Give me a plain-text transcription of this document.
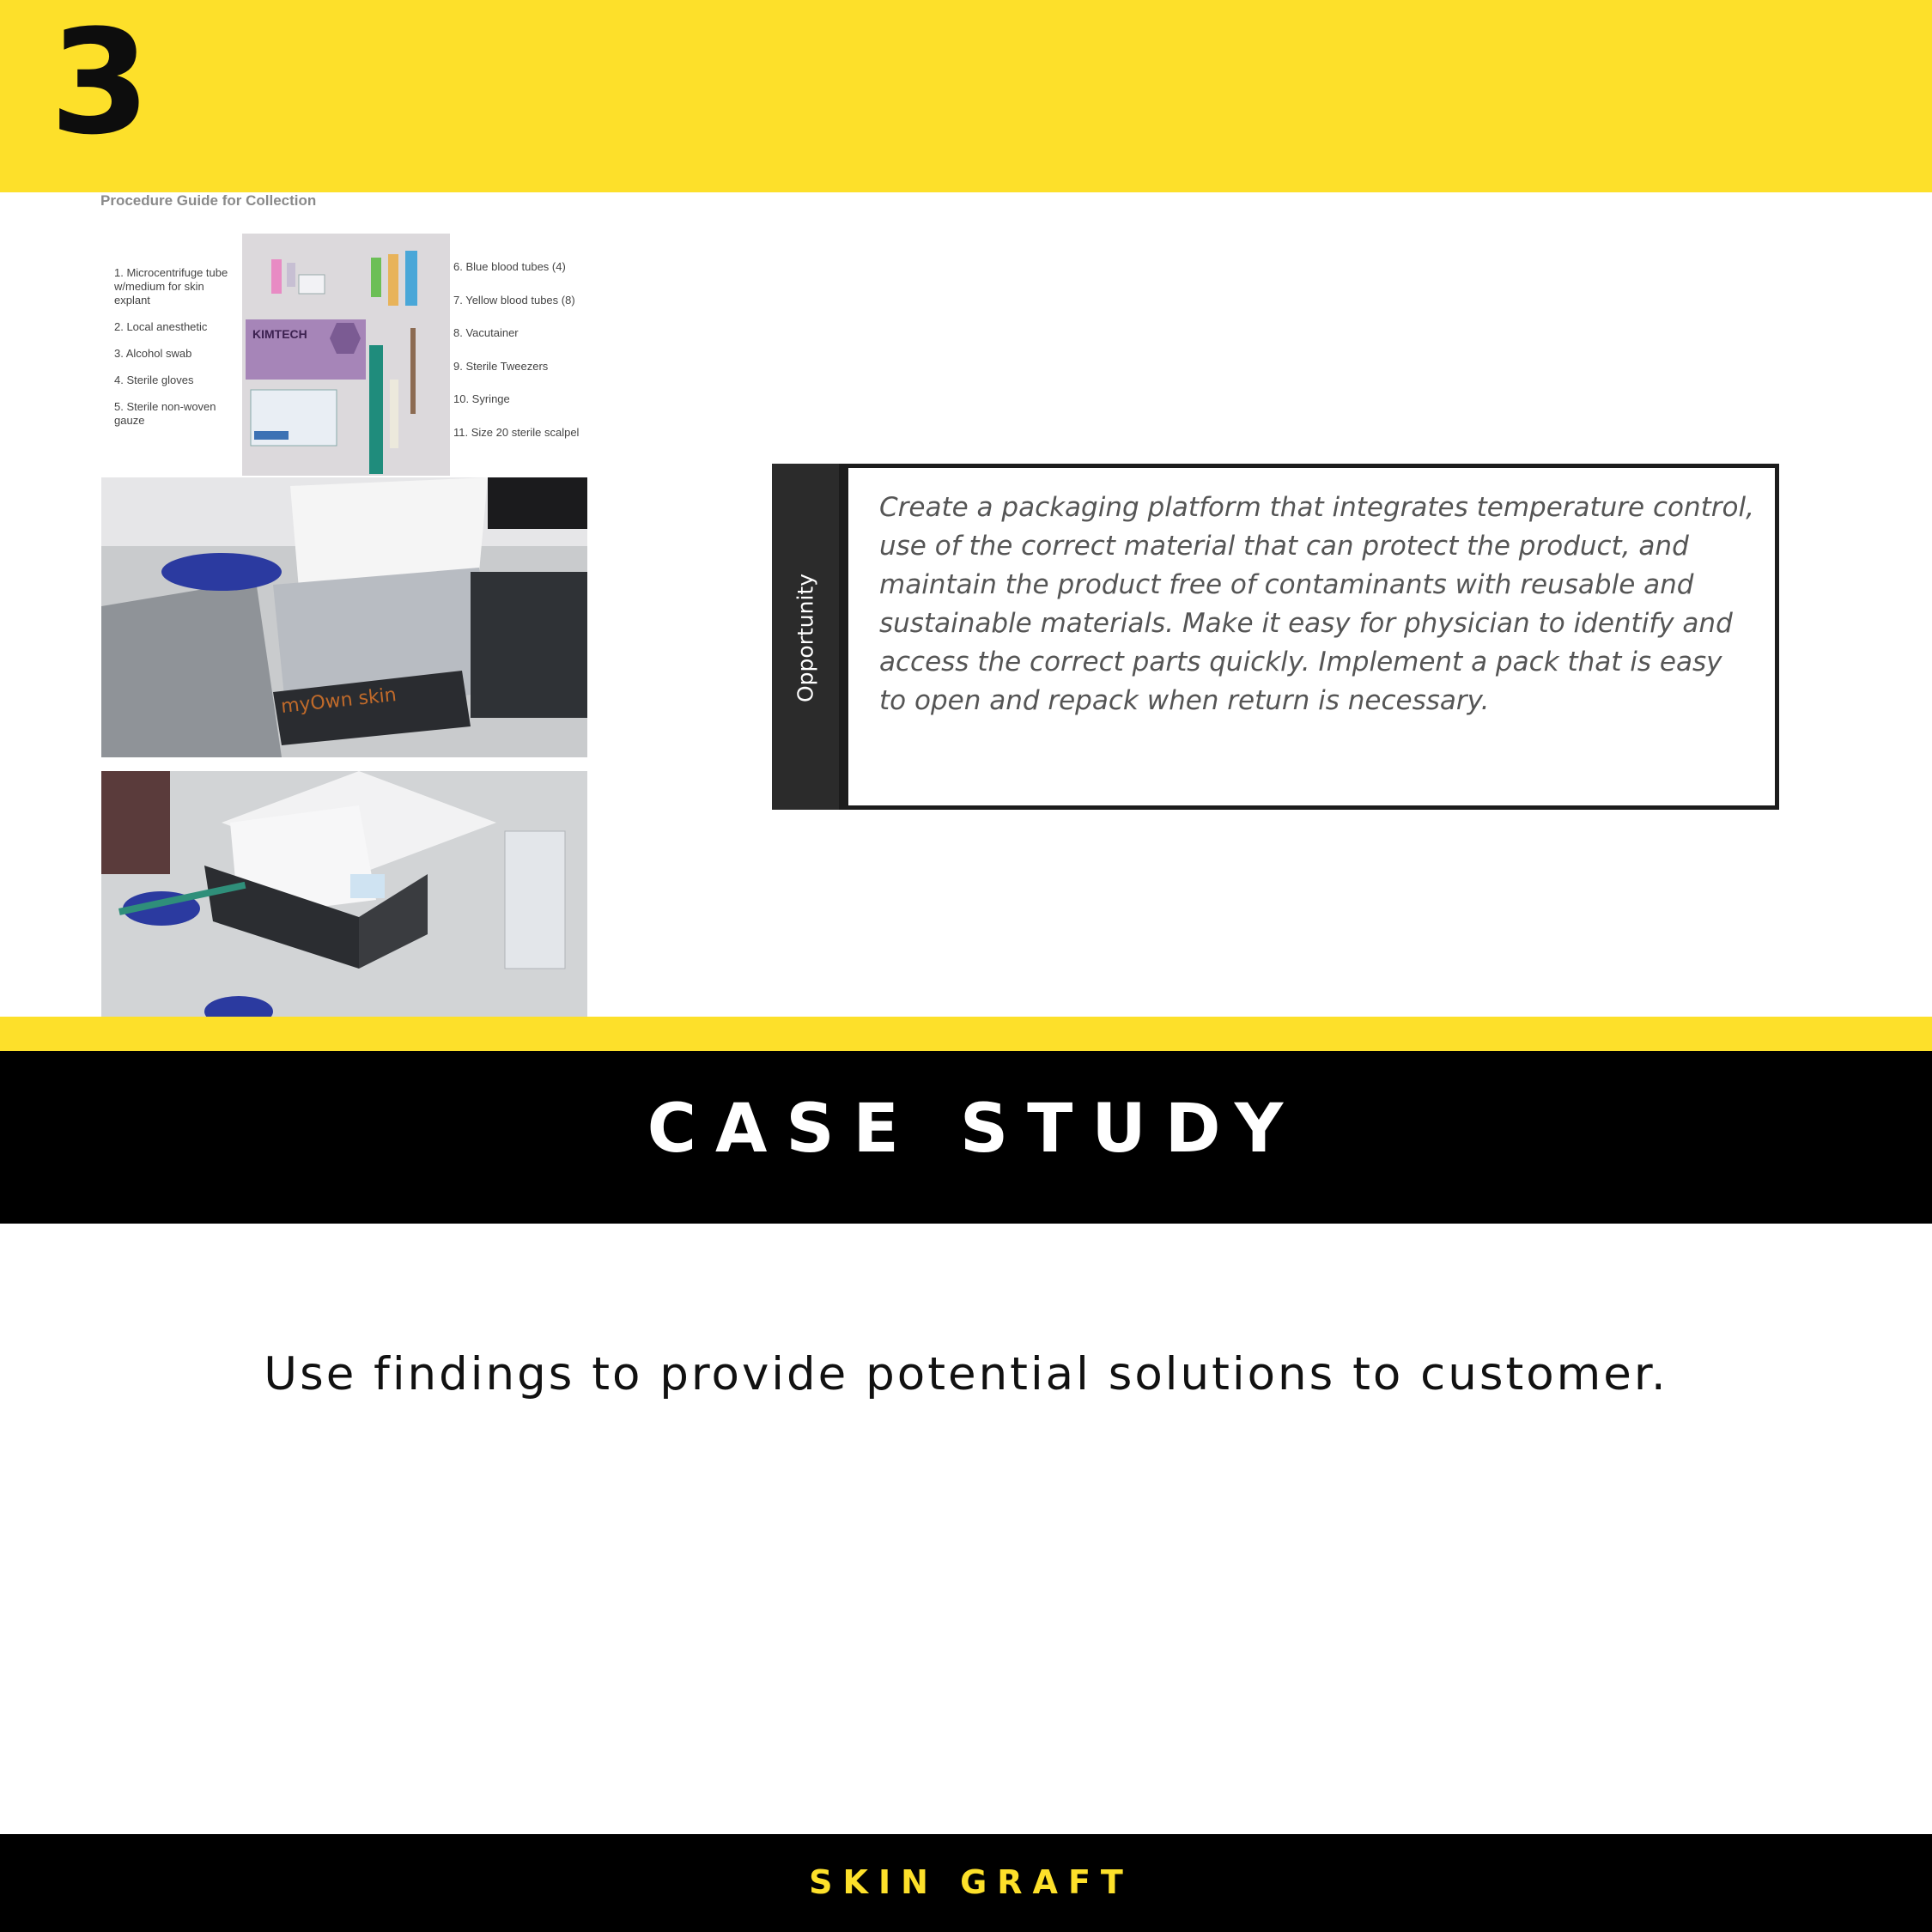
3
Procedure Guide for Collection
1. Microcentrifuge tube w/medium for skin explant
2. Local anesthetic
3. Alcohol swab
4. Sterile gloves
5. Sterile non-woven gauze
KIMTECH
6. Blue blood tubes (4)
7. Yellow blood tubes (8)
8. Vacutainer
9. Sterile Tweezers
10. Syringe
11. Size 20 sterile scalpel
myOwn skin	Opportunity
Create a packaging platform that integrates temperature control, use of the correct material that can protect the product, and maintain the product free of contaminants with reusable and sustainable materials. Make it easy for physician to identify and access the correct parts quickly. Implement a pack that is easy to open and repack when return is necessary.
CASE STUDY
Use findings to provide potential solutions to customer.
SKIN GRAFT
